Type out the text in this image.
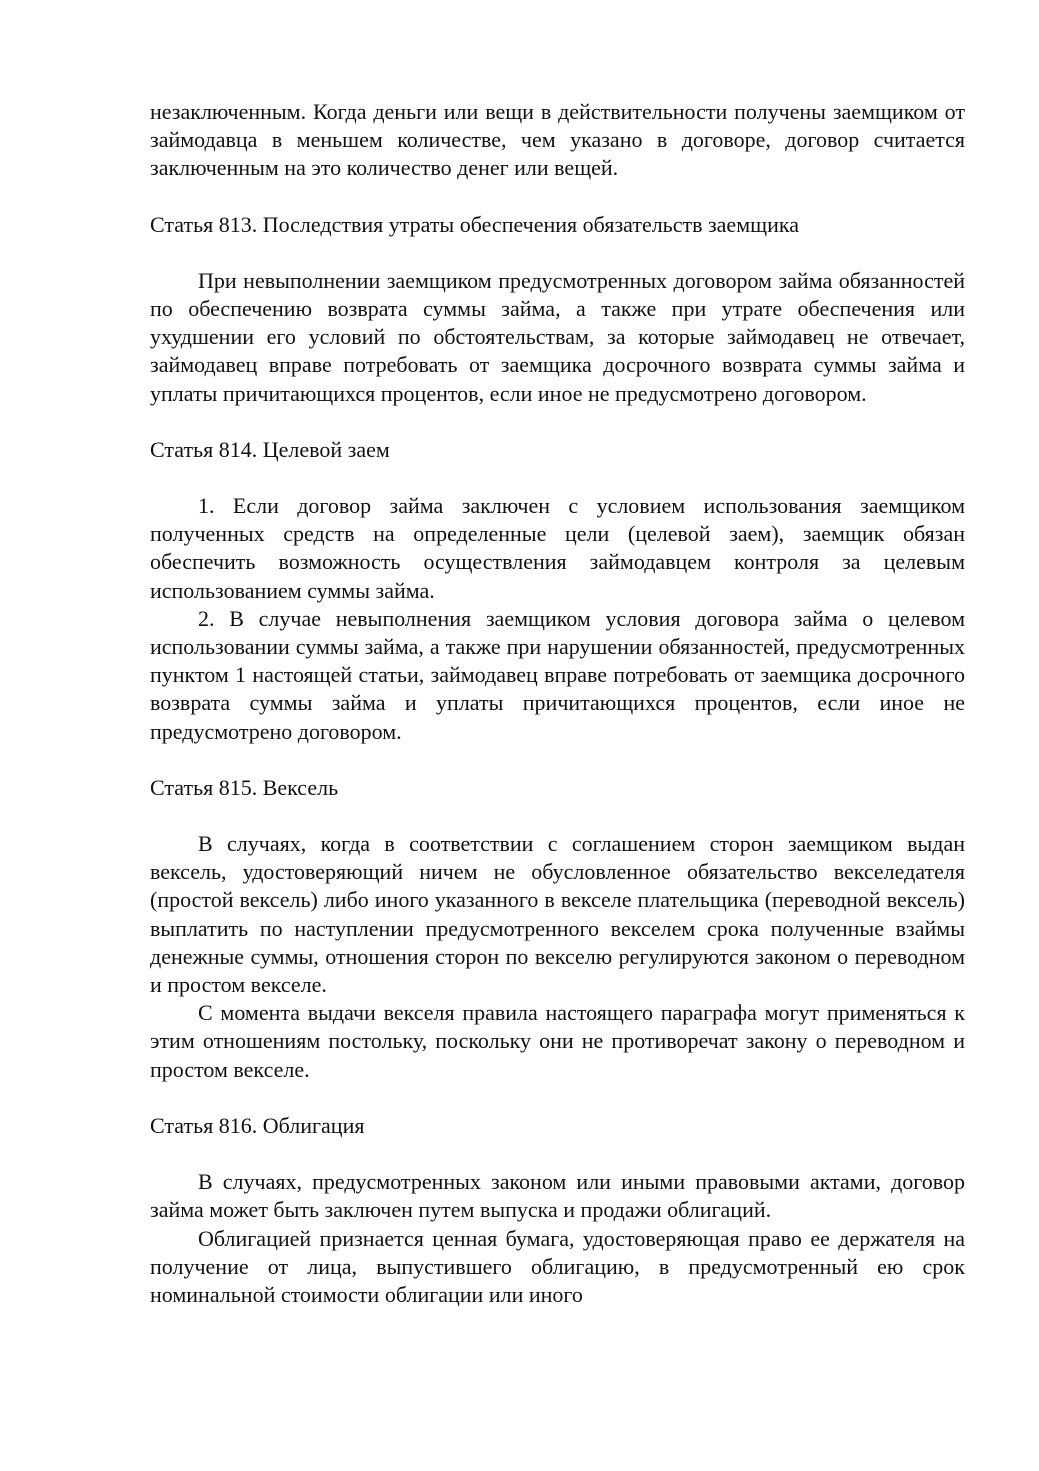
незаключенным. Когда деньги или вещи в действительности получены заемщиком от займодавца в меньшем количестве, чем указано в договоре, договор считается заключенным на это количество денег или вещей.

Статья 813. Последствия утраты обеспечения обязательств заемщика

При невыполнении заемщиком предусмотренных договором займа обязанностей по обеспечению возврата суммы займа, а также при утрате обеспечения или ухудшении его условий по обстоятельствам, за которые займодавец не отвечает, займодавец вправе потребовать от заемщика досрочного возврата суммы займа и уплаты причитающихся процентов, если иное не предусмотрено договором.

Статья 814. Целевой заем

1. Если договор займа заключен с условием использования заемщиком полученных средств на определенные цели (целевой заем), заемщик обязан обеспечить возможность осуществления займодавцем контроля за целевым использованием суммы займа.

2. В случае невыполнения заемщиком условия договора займа о целевом использовании суммы займа, а также при нарушении обязанностей, предусмотренных пунктом 1 настоящей статьи, займодавец вправе потребовать от заемщика досрочного возврата суммы займа и уплаты причитающихся процентов, если иное не предусмотрено договором.

Статья 815. Вексель

В случаях, когда в соответствии с соглашением сторон заемщиком выдан вексель, удостоверяющий ничем не обусловленное обязательство векселедателя (простой вексель) либо иного указанного в векселе плательщика (переводной вексель) выплатить по наступлении предусмотренного векселем срока полученные взаймы денежные суммы, отношения сторон по векселю регулируются законом о переводном и простом векселе.

С момента выдачи векселя правила настоящего параграфа могут применяться к этим отношениям постольку, поскольку они не противоречат закону о переводном и простом векселе.

Статья 816. Облигация

В случаях, предусмотренных законом или иными правовыми актами, договор займа может быть заключен путем выпуска и продажи облигаций.

Облигацией признается ценная бумага, удостоверяющая право ее держателя на получение от лица, выпустившего облигацию, в предусмотренный ею срок номинальной стоимости облигации или иного
